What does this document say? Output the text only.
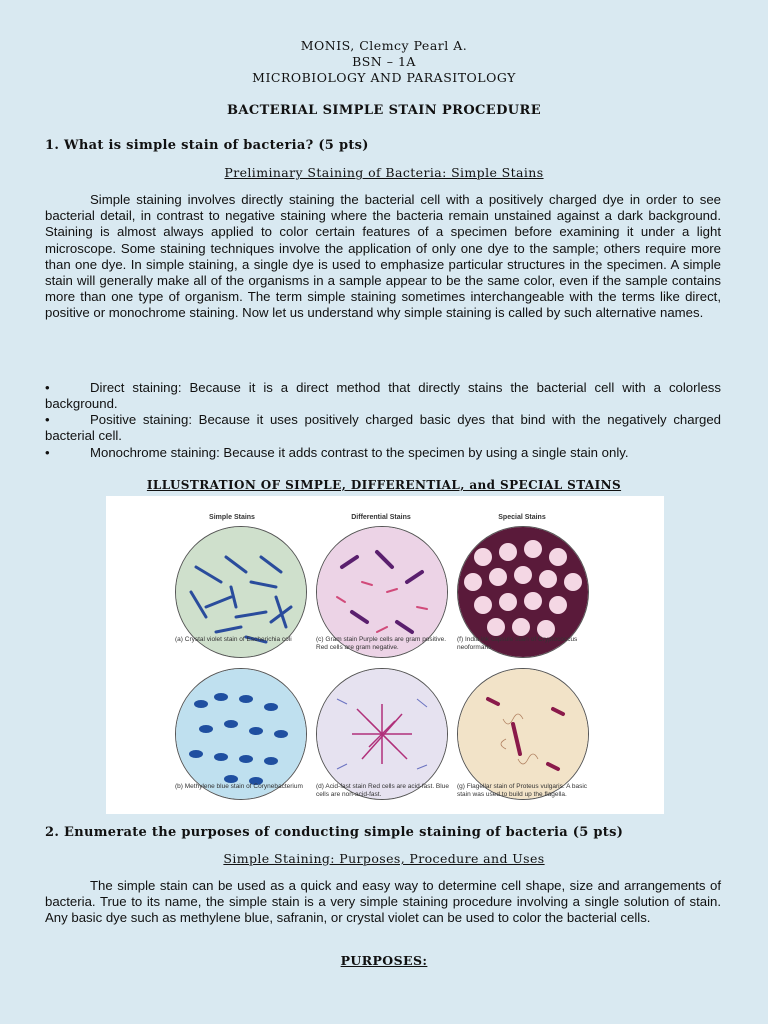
MONIS, Clemcy Pearl A.
BSN – 1A
MICROBIOLOGY AND PARASITOLOGY
BACTERIAL SIMPLE STAIN PROCEDURE
1. What is simple stain of bacteria? (5 pts)
Preliminary Staining of Bacteria: Simple Stains

Simple staining involves directly staining the bacterial cell with a positively charged dye in order to see bacterial detail, in contrast to negative staining where the bacteria remain unstained against a dark background. Staining is almost always applied to color certain features of a specimen before examining it under a light microscope. Some staining techniques involve the application of only one dye to the sample; others require more than one dye. In simple staining, a single dye is used to emphasize particular structures in the specimen. A simple stain will generally make all of the organisms in a sample appear to be the same color, even if the sample contains more than one type of organism. The term simple staining sometimes interchangeable with the terms like direct, positive or monochrome staining. Now let us understand why simple staining is called by such alternative names.

•	Direct staining: Because it is a direct method that directly stains the bacterial cell with a colorless background.

•	Positive staining: Because it uses positively charged basic dyes that bind with the negatively charged bacterial cell.

•	Monochrome staining: Because it adds contrast to the specimen by using a single stain only.

ILLUSTRATION OF SIMPLE, DIFFERENTIAL, and SPECIAL STAINS
Simple Stains	Differential Stains	Special Stains
(a) Crystal violet stain of Escherichia coli	(c) Gram stain Purple cells are gram positive. Red cells are gram negative.
(f) India ink capsule stain of Cryptococcus neoformans
(b) Methylene blue stain of Corynebacterium	(d) Acid-fast stain Red cells are acid-fast. Blue cells are non-acid-fast.
(g) Flagellar stain of Proteus vulgaris. A basic stain was used to build up the flagella.
2. Enumerate the purposes of conducting simple staining of bacteria (5 pts)
Simple Staining: Purposes, Procedure and Uses

The simple stain can be used as a quick and easy way to determine cell shape, size and arrangements of bacteria. True to its name, the simple stain is a very simple staining procedure involving a single solution of stain. Any basic dye such as methylene blue, safranin, or crystal violet can be used to color the bacterial cells.

PURPOSES:
